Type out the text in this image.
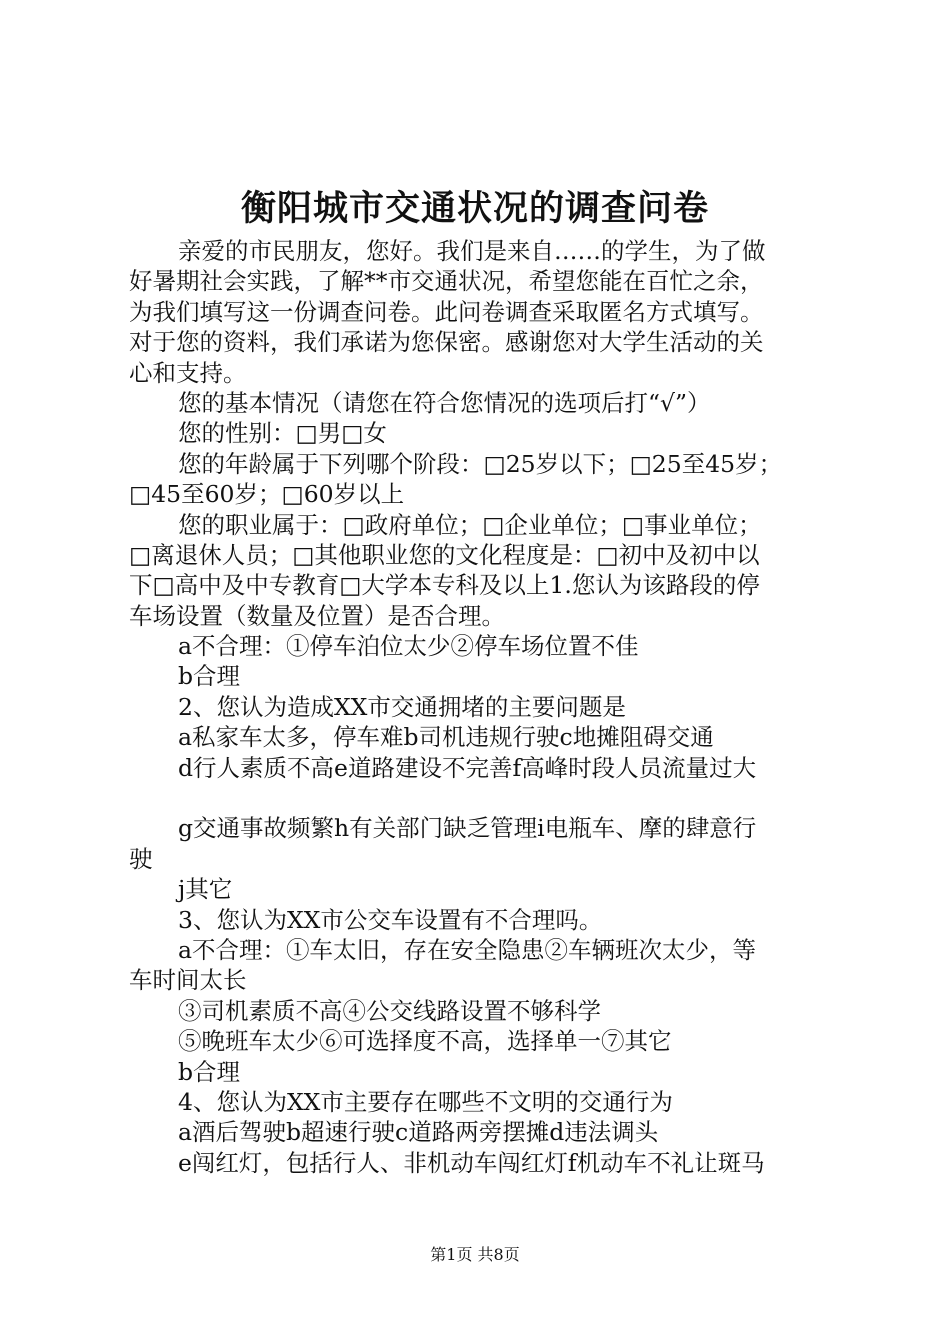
衡阳城市交通状况的调查问卷
亲爱的市民朋友，您好。我们是来自……的学生，为了做
好暑期社会实践，了解**市交通状况，希望您能在百忙之余，
为我们填写这一份调查问卷。此问卷调查采取匿名方式填写。
对于您的资料，我们承诺为您保密。感谢您对大学生活动的关
心和支持。
您的基本情况（请您在符合您情况的选项后打“√”）
您的性别：□男□女
您的年龄属于下列哪个阶段：□25岁以下；□25至45岁；
□45至60岁；□60岁以上
您的职业属于：□政府单位；□企业单位；□事业单位；
□离退休人员；□其他职业您的文化程度是：□初中及初中以
下□高中及中专教育□大学本专科及以上1.您认为该路段的停
车场设置（数量及位置）是否合理。
a不合理：①停车泊位太少②停车场位置不佳
b合理
2、您认为造成XX市交通拥堵的主要问题是
a私家车太多，停车难b司机违规行驶c地摊阻碍交通
d行人素质不高e道路建设不完善f高峰时段人员流量过大
g交通事故频繁h有关部门缺乏管理i电瓶车、摩的肆意行
驶
j其它
3、您认为XX市公交车设置有不合理吗。
a不合理：①车太旧，存在安全隐患②车辆班次太少，等
车时间太长
③司机素质不高④公交线路设置不够科学
⑤晚班车太少⑥可选择度不高，选择单一⑦其它
b合理
4、您认为XX市主要存在哪些不文明的交通行为
a酒后驾驶b超速行驶c道路两旁摆摊d违法调头
e闯红灯，包括行人、非机动车闯红灯f机动车不礼让斑马
第1页 共8页
